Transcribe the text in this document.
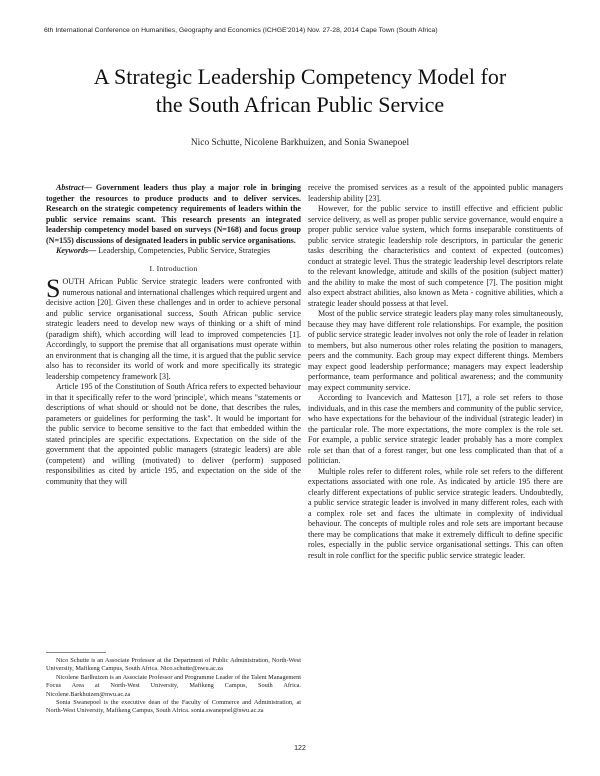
6th International Conference on Humanities, Geography and Economics (ICHGE'2014) Nov. 27-28, 2014 Cape Town (South Africa)
A Strategic Leadership Competency Model for
the South African Public Service
Nico Schutte, Nicolene Barkhuizen, and Sonia Swanepoel

Abstract— Government leaders thus play a major role in bringing together the resources to produce products and to deliver services. Research on the strategic competency requirements of leaders within the public service remains scant. This research presents an integrated leadership competency model based on surveys (N=168) and focus group (N=155) discussions of designated leaders in public service organisations.

Keywords— Leadership, Competencies, Public Service, Strategies

I. Introduction

SOUTH African Public Service strategic leaders were confronted with numerous national and international challenges which required urgent and decisive action [20]. Given these challenges and in order to achieve personal and public service organisational success, South African public service strategic leaders need to develop new ways of thinking or a shift of mind (paradigm shift), which according will lead to improved competencies [1]. Accordingly, to support the premise that all organisations must operate within an environment that is changing all the time, it is argued that the public service also has to reconsider its world of work and more specifically its strategic leadership competency framework [3].

Article 195 of the Constitution of South Africa refers to expected behaviour in that it specifically refer to the word 'principle', which means "statements or descriptions of what should or should not be done, that describes the rules, parameters or guidelines for performing the task". It would be important for the public service to become sensitive to the fact that embedded within the stated principles are specific expectations. Expectation on the side of the government that the appointed public managers (strategic leaders) are able (competent) and willing (motivated) to deliver (perform) supposed responsibilities as cited by article 195, and expectation on the side of the community that they will

receive the promised services as a result of the appointed public managers leadership ability [23].

However, for the public service to instill effective and efficient public service delivery, as well as proper public service governance, would enquire a proper public service value system, which forms inseparable constituents of public service strategic leadership role descriptors, in particular the generic tasks describing the characteristics and context of expected (outcomes) conduct at strategic level. Thus the strategic leadership level descriptors relate to the relevant knowledge, attitude and skills of the position (subject matter) and the ability to make the most of such competence [7]. The position might also expect abstract abilities, also known as Meta - cognitive abilities, which a strategic leader should possess at that level.

Most of the public service strategic leaders play many roles simultaneously, because they may have different role relationships. For example, the position of public service strategic leader involves not only the role of leader in relation to members, but also numerous other roles relating the position to managers, peers and the community. Each group may expect different things. Members may expect good leadership performance; managers may expect leadership performance, team performance and political awareness; and the community may expect community service.

According to Ivancevich and Matteson [17], a role set refers to those individuals, and in this case the members and community of the public service, who have expectations for the behaviour of the individual (strategic leader) in the particular role. The more expectations, the more complex is the role set. For example, a public service strategic leader probably has a more complex role set than that of a forest ranger, but one less complicated than that of a politician.

Multiple roles refer to different roles, while role set refers to the different expectations associated with one role. As indicated by article 195 there are clearly different expectations of public service strategic leaders. Undoubtedly, a public service strategic leader is involved in many different roles, each with a complex role set and faces the ultimate in complexity of individual behaviour. The concepts of multiple roles and role sets are important because there may be complications that make it extremely difficult to define specific roles, especially in the public service organisational settings. This can often result in role conflict for the specific public service strategic leader.

Nico Schutte is an Associate Professor at the Department of Public Administration, North-West University, Mafikeng Campus, South Africa. Nico.schutte@nwu.ac.za

Nicolene Barlhuizen is an Associate Professor and Programme Leader of the Talent Management Focus Area at North-West University, Mafikeng Campus, South Africa. Nicolene.Barkhuizen@nwu.ac.za

Sonia Swanepoel is the executive dean of the Faculty of Commerce and Administration, at North-West University, Mafikeng Campus, South Africa. sonia.swanepoel@nwu.ac.za

122
